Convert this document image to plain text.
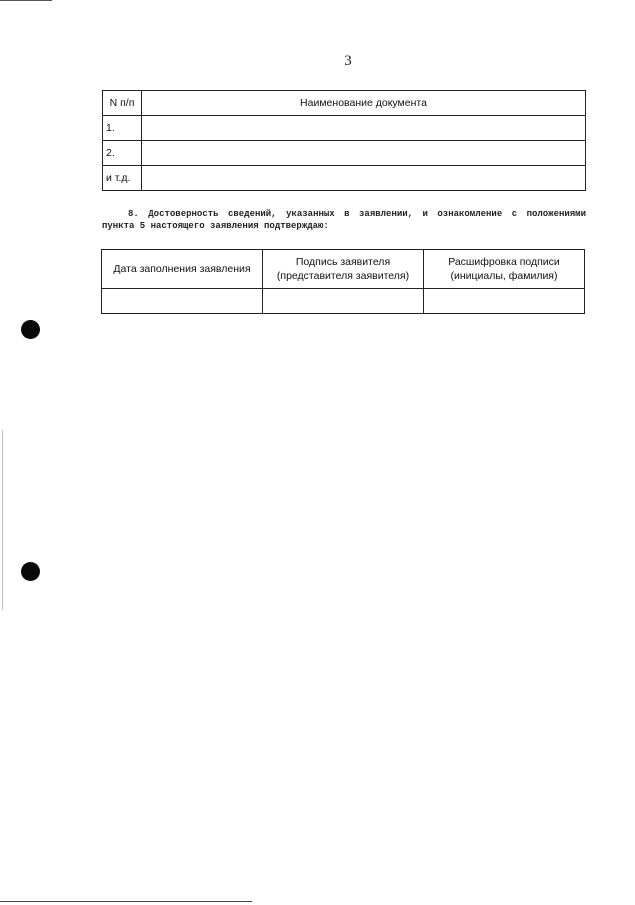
3
N п/п	Наименование документа
1.	
2.	
и т.д.	
8. Достоверность сведений, указанных в заявлении, и ознакомление с положениями пункта 5 настоящего заявления подтверждаю:
Дата заполнения заявления	Подпись заявителя (представителя заявителя)	Расшифровка подписи (инициалы, фамилия)
